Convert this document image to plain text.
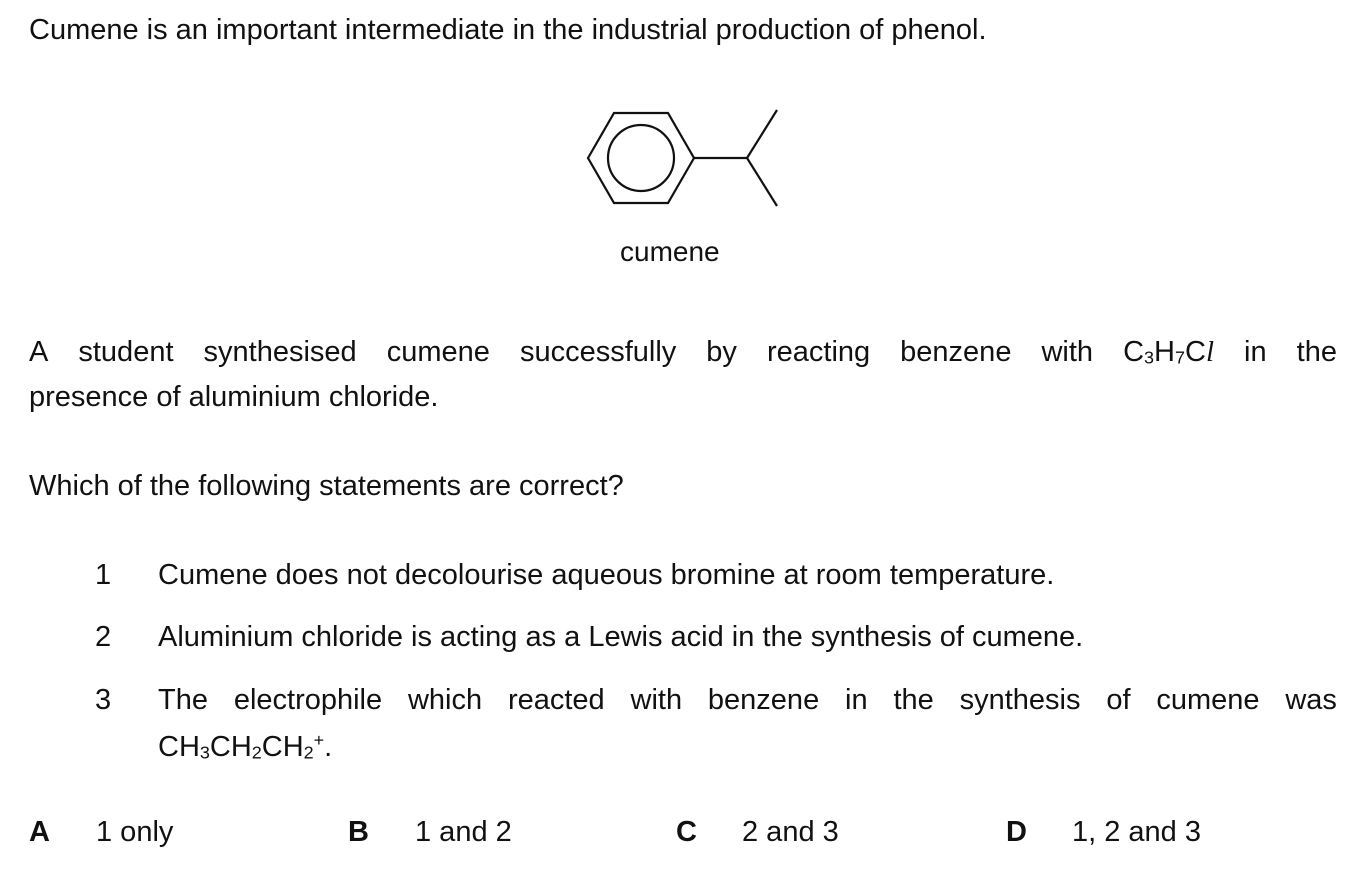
Cumene is an important intermediate in the industrial production of phenol.
cumene
A student synthesised cumene successfully by reacting benzene with $C_3H_7Cl$ in the
presence of aluminium chloride.
Which of the following statements are correct?
1 Cumene does not decolourise aqueous bromine at room temperature.
2 Aluminium chloride is acting as a Lewis acid in the synthesis of cumene.
3 The electrophile which reacted with benzene in the synthesis of cumene was
$CH_3CH_2CH_2^+$.
A 1 only	B 1 and 2	C 2 and 3	D 1, 2 and 3
